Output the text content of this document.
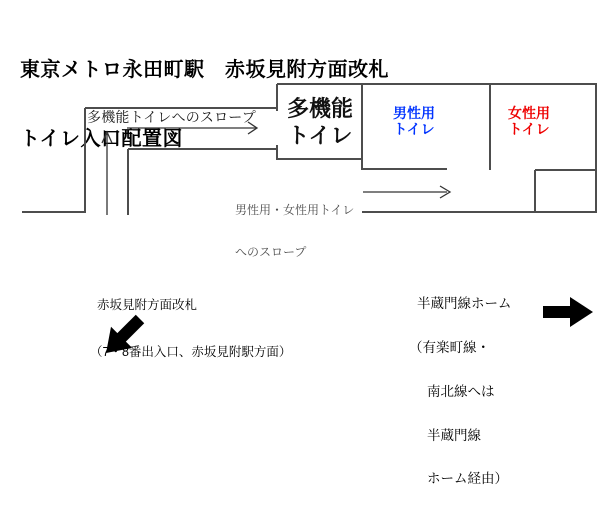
東京メトロ永田町駅　赤坂見附方面改札

トイレ入口配置図

多機能トイレへのスロープ	多機能
トイレ
男性用
トイレ
女性用
トイレ

男性用・女性用トイレ

へのスロープ

赤坂見附方面改札

（7・8番出入口、赤坂見附駅方面）

半蔵門線ホーム

（有楽町線・

南北線へは

半蔵門線

ホーム経由）
